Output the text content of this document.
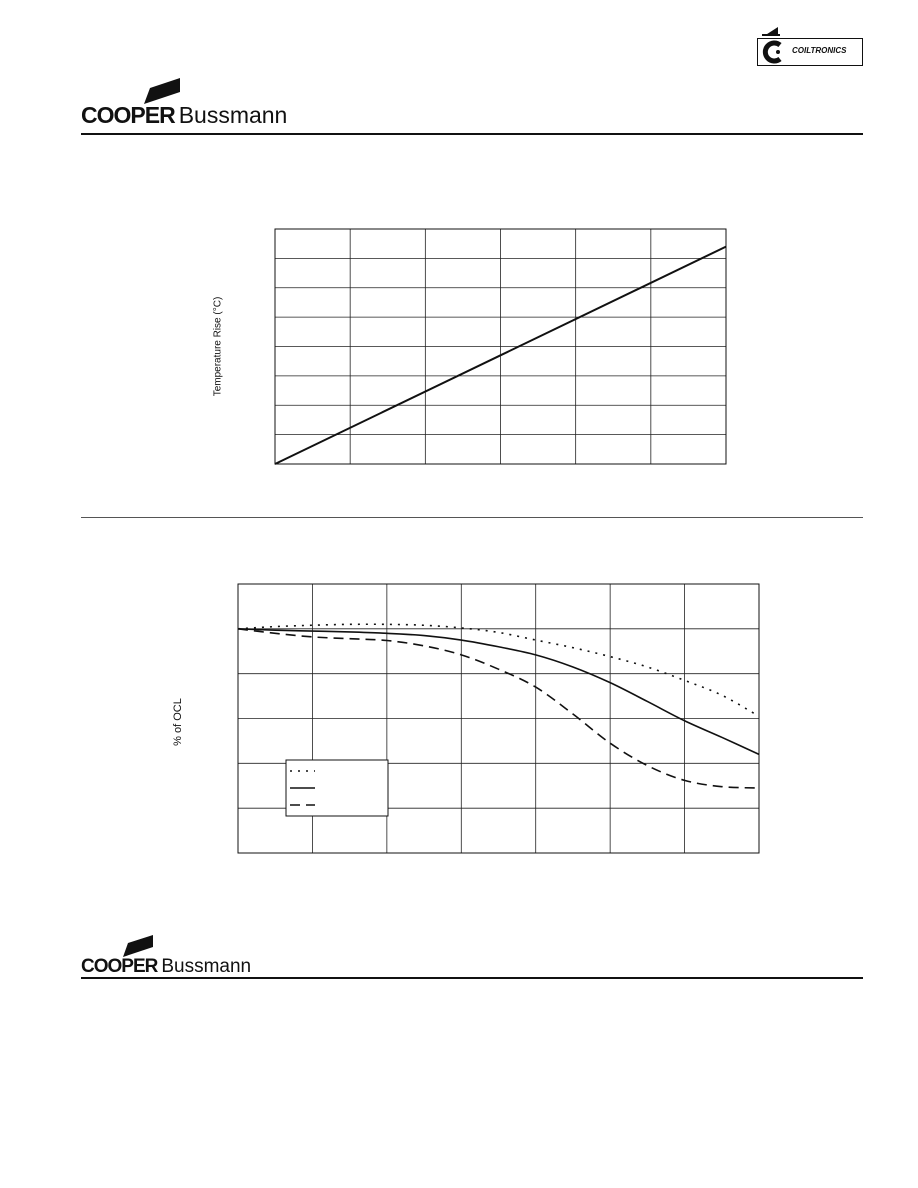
COILTRONICS
COOPER Bussmann
Temperature Rise (°C)
% of OCL
COOPER Bussmann
